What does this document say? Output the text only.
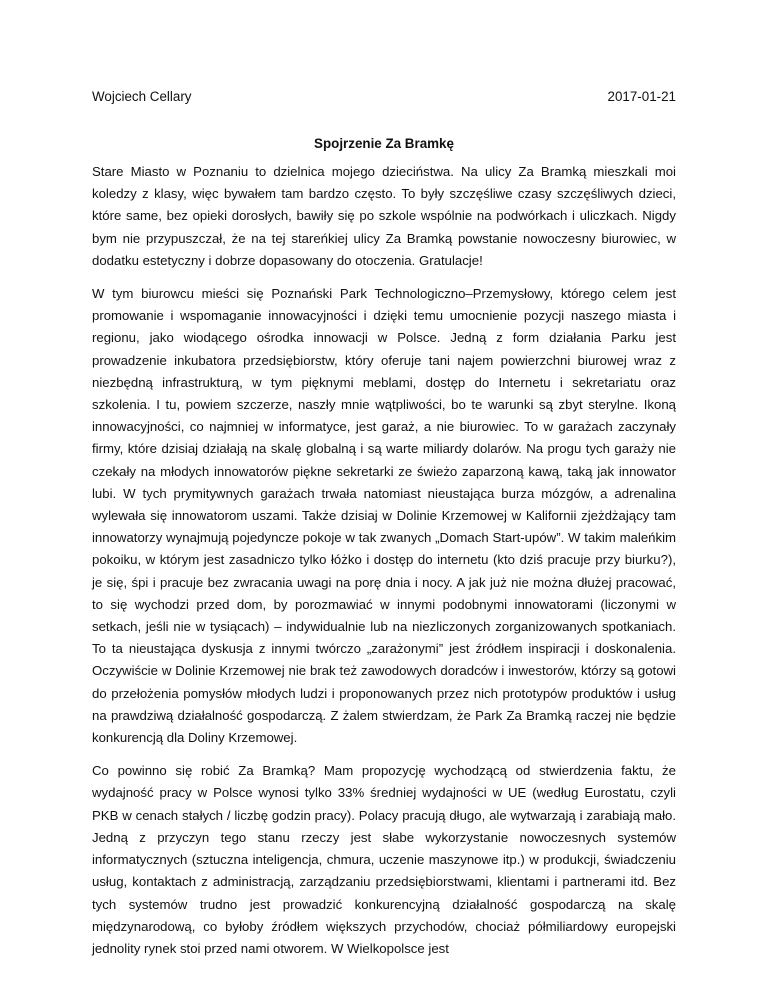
Wojciech Cellary	2017-01-21
Spojrzenie Za Bramkę

Stare Miasto w Poznaniu to dzielnica mojego dzieciństwa. Na ulicy Za Bramką mieszkali moi koledzy z klasy, więc bywałem tam bardzo często. To były szczęśliwe czasy szczęśliwych dzieci, które same, bez opieki dorosłych, bawiły się po szkole wspólnie na podwórkach i uliczkach. Nigdy bym nie przypuszczał, że na tej stareńkiej ulicy Za Bramką powstanie nowoczesny biurowiec, w dodatku estetyczny i dobrze dopasowany do otoczenia. Gratulacje!

W tym biurowcu mieści się Poznański Park Technologiczno–Przemysłowy, którego celem jest promowanie i wspomaganie innowacyjności i dzięki temu umocnienie pozycji naszego miasta i regionu, jako wiodącego ośrodka innowacji w Polsce. Jedną z form działania Parku jest prowadzenie inkubatora przedsiębiorstw, który oferuje tani najem powierzchni biurowej wraz z niezbędną infrastrukturą, w tym pięknymi meblami, dostęp do Internetu i sekretariatu oraz szkolenia. I tu, powiem szczerze, naszły mnie wątpliwości, bo te warunki są zbyt sterylne. Ikoną innowacyjności, co najmniej w informatyce, jest garaż, a nie biurowiec. To w garażach zaczynały firmy, które dzisiaj działają na skalę globalną i są warte miliardy dolarów. Na progu tych garaży nie czekały na młodych innowatorów piękne sekretarki ze świeżo zaparzoną kawą, taką jak innowator lubi. W tych prymitywnych garażach trwała natomiast nieustająca burza mózgów, a adrenalina wylewała się innowatorom uszami. Także dzisiaj w Dolinie Krzemowej w Kalifornii zjeżdżający tam innowatorzy wynajmują pojedyncze pokoje w tak zwanych „Domach Start-upów”. W takim maleńkim pokoiku, w którym jest zasadniczo tylko łóżko i dostęp do internetu (kto dziś pracuje przy biurku?), je się, śpi i pracuje bez zwracania uwagi na porę dnia i nocy. A jak już nie można dłużej pracować, to się wychodzi przed dom, by porozmawiać w innymi podobnymi innowatorami (liczonymi w setkach, jeśli nie w tysiącach) – indywidualnie lub na niezliczonych zorganizowanych spotkaniach. To ta nieustająca dyskusja z innymi twórczo „zarażonymi” jest źródłem inspiracji i doskonalenia. Oczywiście w Dolinie Krzemowej nie brak też zawodowych doradców i inwestorów, którzy są gotowi do przełożenia pomysłów młodych ludzi i proponowanych przez nich prototypów produktów i usług na prawdziwą działalność gospodarczą. Z żalem stwierdzam, że Park Za Bramką raczej nie będzie konkurencją dla Doliny Krzemowej.

Co powinno się robić Za Bramką? Mam propozycję wychodzącą od stwierdzenia faktu, że wydajność pracy w Polsce wynosi tylko 33% średniej wydajności w UE (według Eurostatu, czyli PKB w cenach stałych / liczbę godzin pracy). Polacy pracują długo, ale wytwarzają i zarabiają mało. Jedną z przyczyn tego stanu rzeczy jest słabe wykorzystanie nowoczesnych systemów informatycznych (sztuczna inteligencja, chmura, uczenie maszynowe itp.) w produkcji, świadczeniu usług, kontaktach z administracją, zarządzaniu przedsiębiorstwami, klientami i partnerami itd. Bez tych systemów trudno jest prowadzić konkurencyjną działalność gospodarczą na skalę międzynarodową, co byłoby źródłem większych przychodów, chociaż półmiliardowy europejski jednolity rynek stoi przed nami otworem. W Wielkopolsce jest
